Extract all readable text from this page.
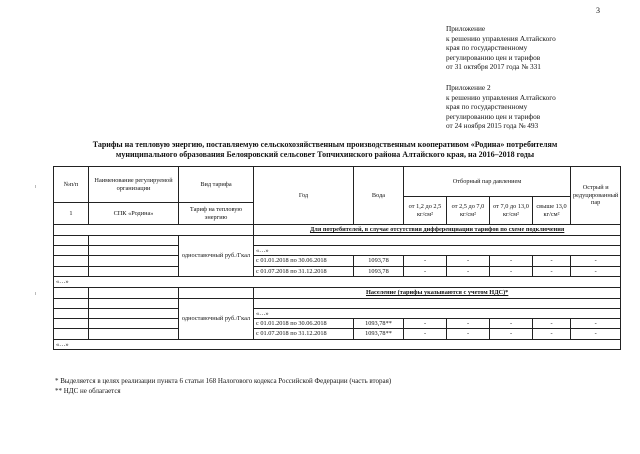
3
Приложение
к решению управления Алтайского
края по государственному
регулированию цен и тарифов
от 31 октября 2017 года № 331
Приложение 2
к решению управления Алтайского
края по государственному
регулированию цен и тарифов
от 24 ноября 2015 года № 493
Тарифы на тепловую энергию, поставляемую сельскохозяйственным производственным кооперативом «Родина» потребителям
муниципального образования Белояровский сельсовет Топчихинского района Алтайского края, на 2016–2018 годы
№п/п	Наименование регулируемой организации	Вид тарифа	Год	Вода	Отборный пар давлением				Острый и редуцированный пар
					от 1,2 до 2,5 кг/см²	от 2,5 до 7,0 кг/см²	от 7,0 до 13,0 кг/см²	свыше 13,0 кг/см²	
1	СПК «Родина»	Тариф на тепловую энергию							
			Для потребителей, в случае отсутствия дифференциации тарифов по схеме подключения						
		одноставочный руб./Гкал							
			«…»						
			с 01.01.2018 по 30.06.2018	1093,78	-	-	-	-	-
			с 01.07.2018 по 31.12.2018	1093,78	-	-	-	-	-
«…»									
			Население (тарифы указываются с учетом НДС)*						
		одноставочный руб./Гкал							
			«…»						
			с 01.01.2018 по 30.06.2018	1093,78**	-	-	-	-	-
			с 01.07.2018 по 31.12.2018	1093,78**	-	-	-	-	-
«…»									
* Выделяется в целях реализации пункта 6 статьи 168 Налогового кодекса Российской Федерации (часть вторая)
** НДС не облагается
